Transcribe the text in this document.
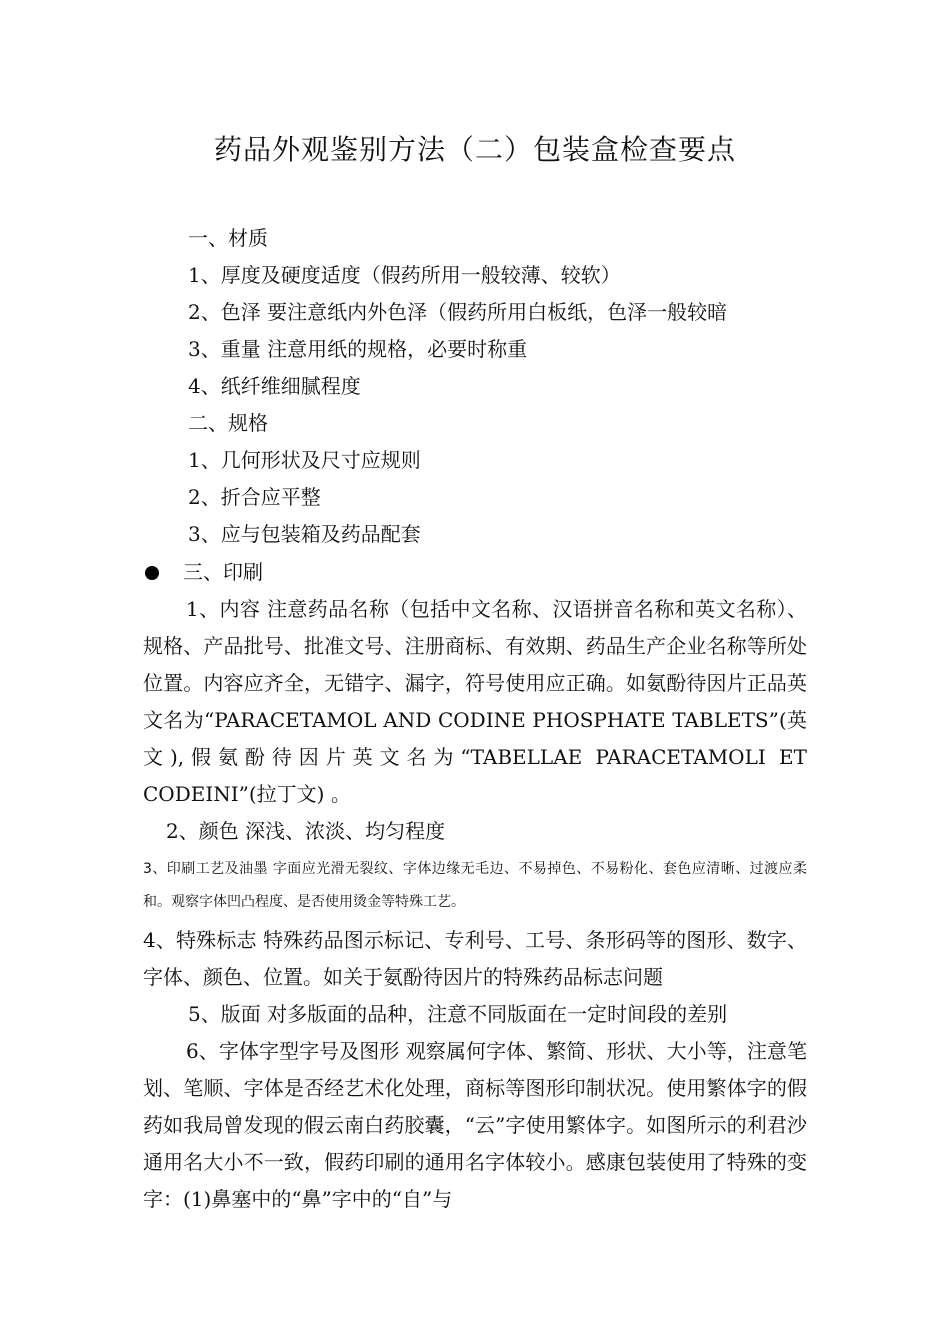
药品外观鉴别方法（二）包装盒检查要点
一、材质
1、厚度及硬度适度（假药所用一般较薄、较软）
2、色泽 要注意纸内外色泽（假药所用白板纸，色泽一般较暗
3、重量 注意用纸的规格，必要时称重
4、纸纤维细腻程度
二、规格
1、几何形状及尺寸应规则
2、折合应平整
3、应与包装箱及药品配套
三、印刷
1、内容 注意药品名称（包括中文名称、汉语拼音名称和英文名称）、规格、产品批号、批准文号、注册商标、有效期、药品生产企业名称等所处位置。内容应齐全，无错字、漏字，符号使用应正确。如氨酚待因片正品英文名为“PARACETAMOL AND CODINE PHOSPHATE TABLETS”(英文),假氨酚待因片英文名为“TABELLAE PARACETAMOLI ET CODEINI”(拉丁文) 。
2、颜色 深浅、浓淡、均匀程度
3、印刷工艺及油墨 字面应光滑无裂纹、字体边缘无毛边、不易掉色、不易粉化、套色应清晰、过渡应柔和。观察字体凹凸程度、是否使用烫金等特殊工艺。
4、特殊标志 特殊药品图示标记、专利号、工号、条形码等的图形、数字、字体、颜色、位置。如关于氨酚待因片的特殊药品标志问题
5、版面 对多版面的品种，注意不同版面在一定时间段的差别
6、字体字型字号及图形 观察属何字体、繁简、形状、大小等，注意笔划、笔顺、字体是否经艺术化处理，商标等图形印制状况。使用繁体字的假药如我局曾发现的假云南白药胶囊，“云”字使用繁体字。如图所示的利君沙通用名大小不一致，假药印刷的通用名字体较小。感康包装使用了特殊的变字：(1)鼻塞中的“鼻”字中的“自”与
